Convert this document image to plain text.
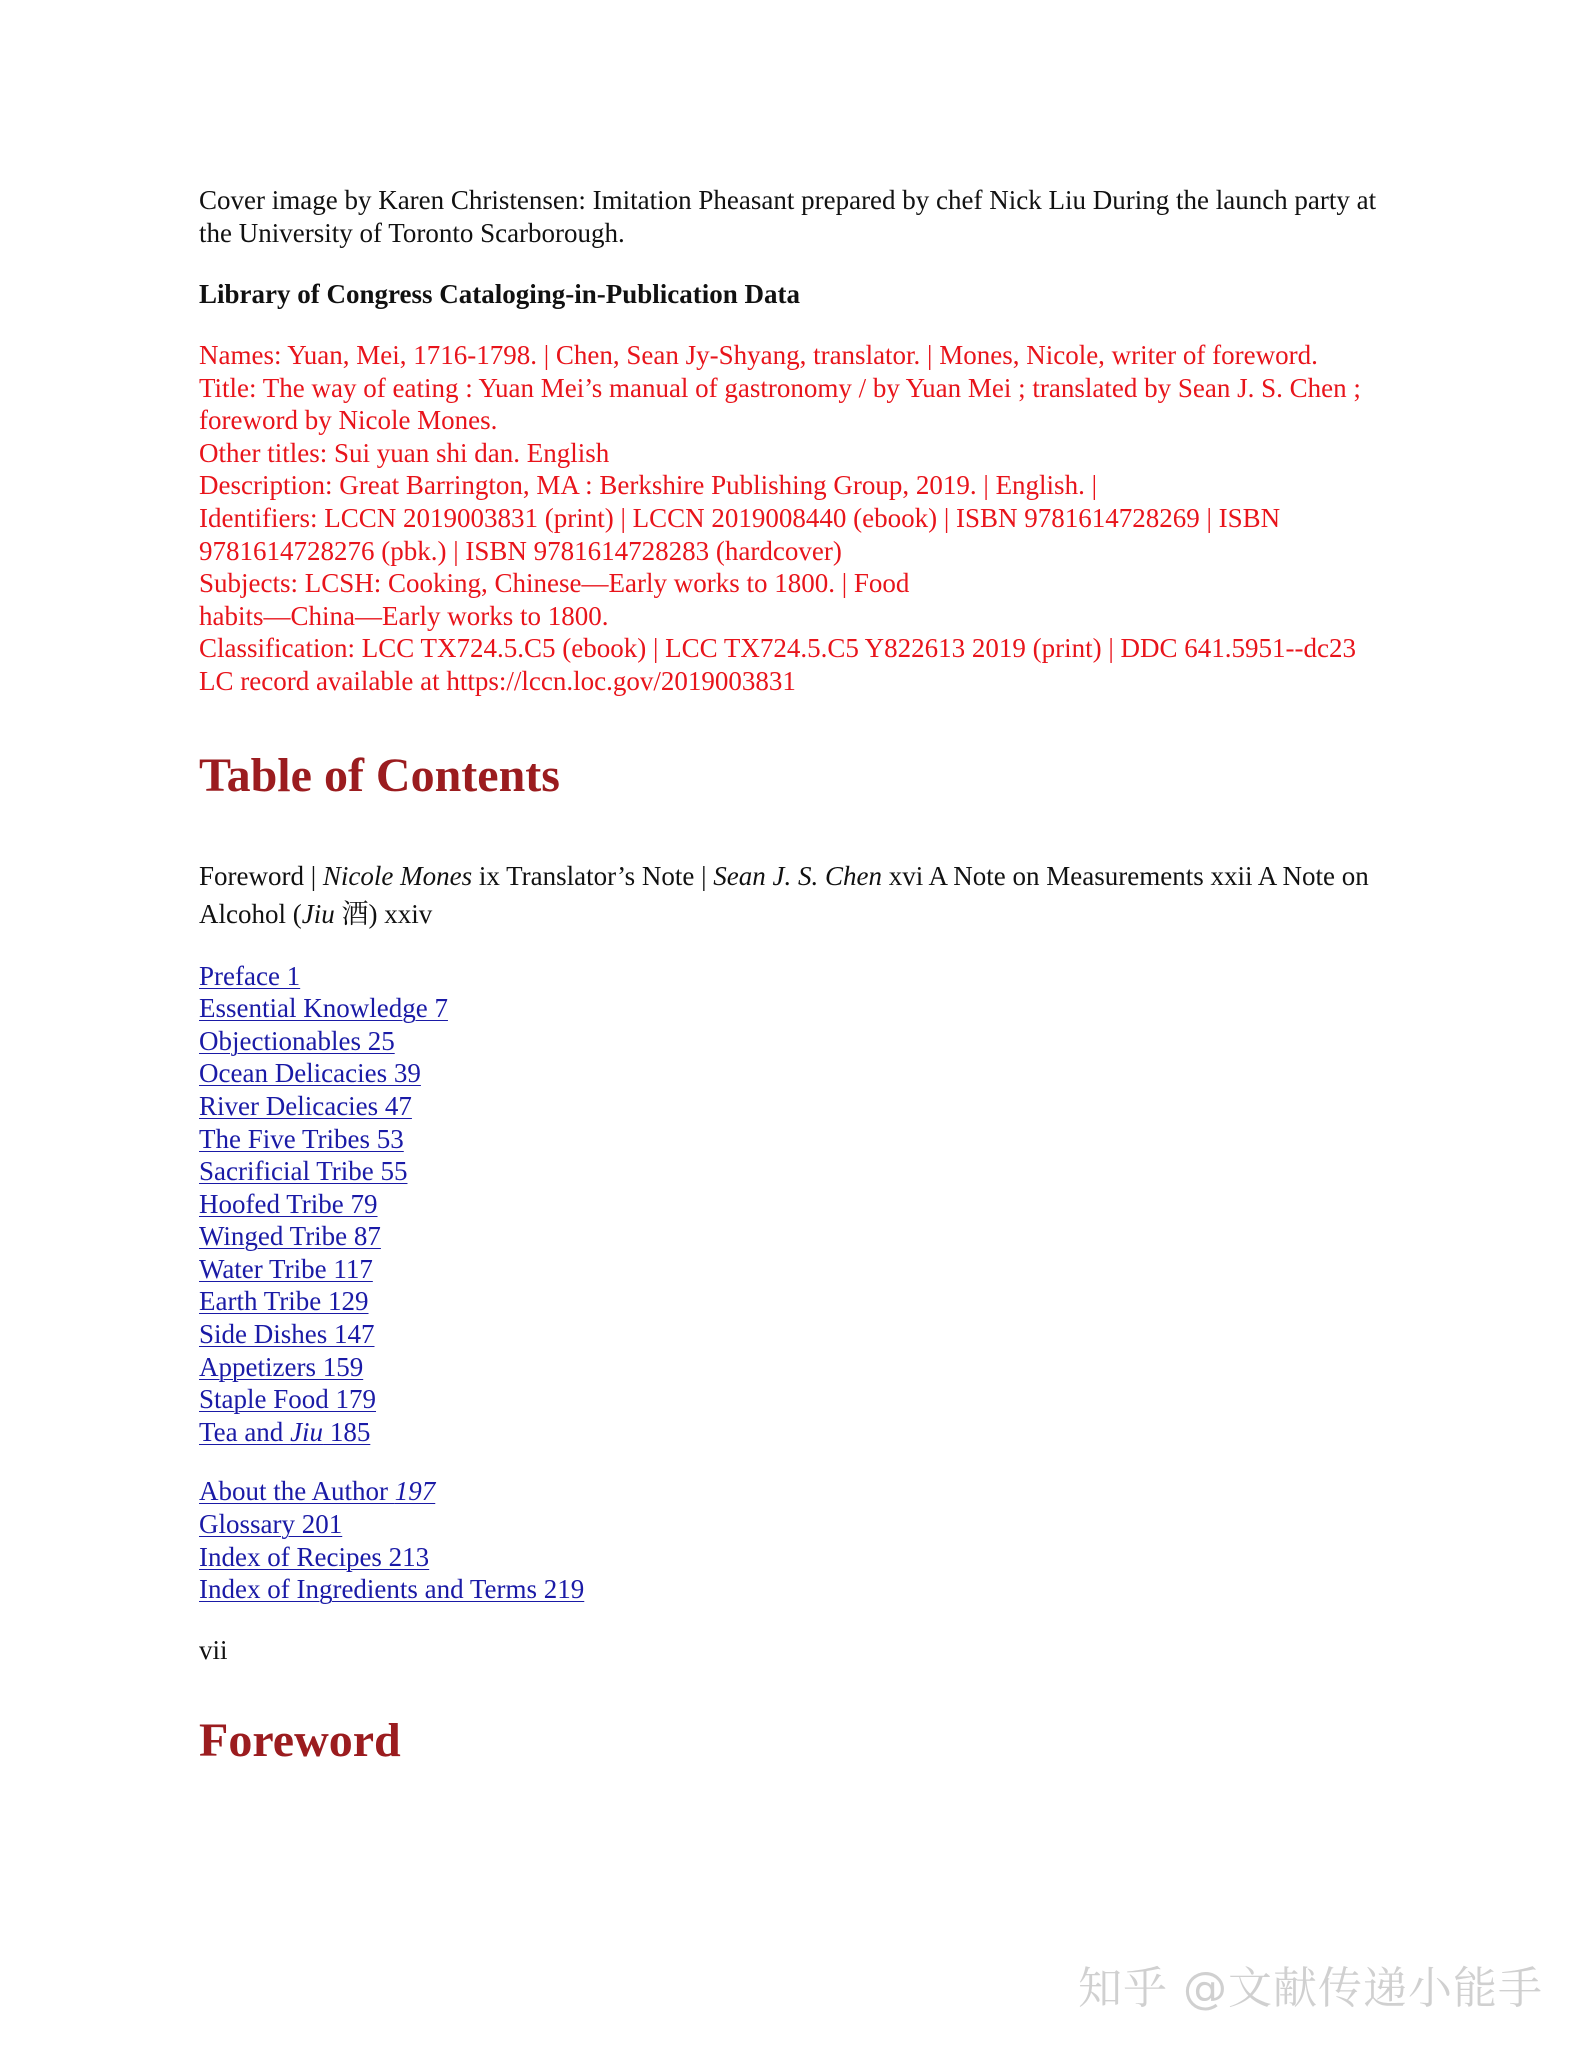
Cover image by Karen Christensen: Imitation Pheasant prepared by chef Nick Liu During the launch party at the University of Toronto Scarborough.

Library of Congress Cataloging-in-Publication Data

Names: Yuan, Mei, 1716-1798. | Chen, Sean Jy-Shyang, translator. | Mones, Nicole, writer of foreword.
Title: The way of eating : Yuan Mei’s manual of gastronomy / by Yuan Mei ; translated by Sean J. S. Chen ; foreword by Nicole Mones.
Other titles: Sui yuan shi dan. English
Description: Great Barrington, MA : Berkshire Publishing Group, 2019. | English. |
Identifiers: LCCN 2019003831 (print) | LCCN 2019008440 (ebook) | ISBN 9781614728269 | ISBN 9781614728276 (pbk.) | ISBN 9781614728283 (hardcover)
Subjects: LCSH: Cooking, Chinese—Early works to 1800. | Food
habits—China—Early works to 1800.
Classification: LCC TX724.5.C5 (ebook) | LCC TX724.5.C5 Y822613 2019 (print) | DDC 641.5951--dc23
LC record available at https://lccn.loc.gov/2019003831
Table of Contents

Foreword | Nicole Mones ix Translator’s Note | Sean J. S. Chen xvi A Note on Measurements xxii A Note on Alcohol (Jiu 酒) xxiv

Preface 1
Essential Knowledge 7
Objectionables 25
Ocean Delicacies 39
River Delicacies 47
The Five Tribes 53
Sacrificial Tribe 55
Hoofed Tribe 79
Winged Tribe 87
Water Tribe 117
Earth Tribe 129
Side Dishes 147
Appetizers 159
Staple Food 179
Tea and Jiu 185
About the Author 197
Glossary 201
Index of Recipes 213
Index of Ingredients and Terms 219

vii

Foreword
知乎 @文献传递小能手
